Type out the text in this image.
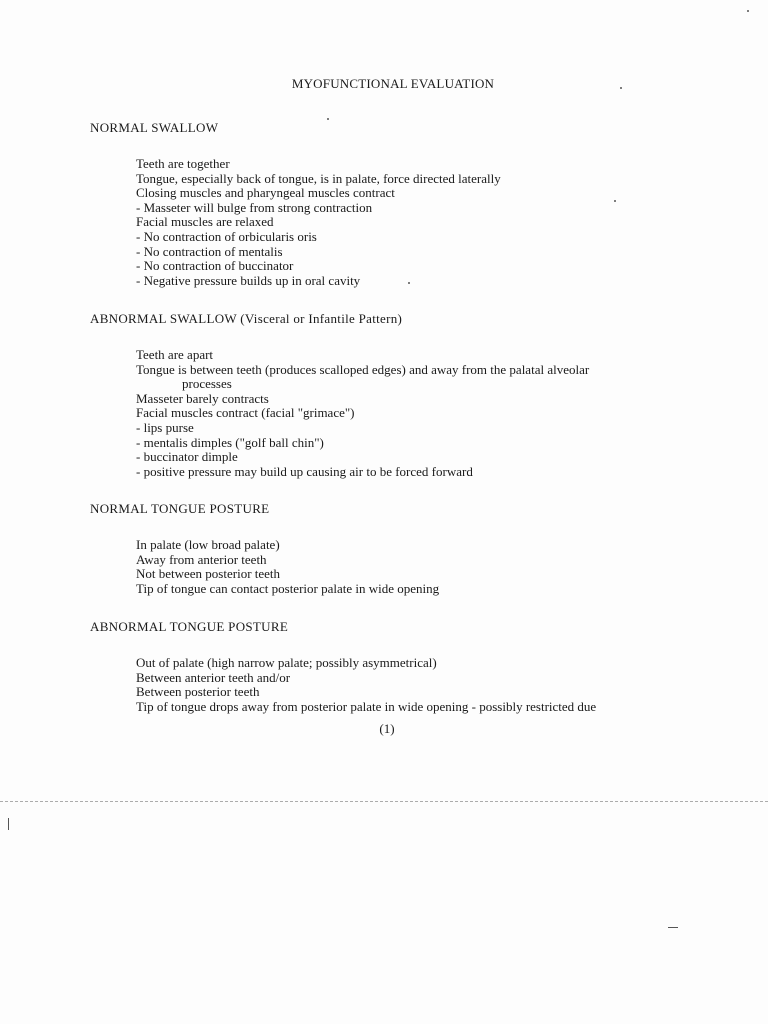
MYOFUNCTIONAL EVALUATION

NORMAL SWALLOW

Teeth are together
Tongue, especially back of tongue, is in palate, force directed laterally
Closing muscles and pharyngeal muscles contract
- Masseter will bulge from strong contraction
Facial muscles are relaxed
- No contraction of orbicularis oris
- No contraction of mentalis
- No contraction of buccinator
- Negative pressure builds up in oral cavity

ABNORMAL SWALLOW (Visceral or Infantile Pattern)

Teeth are apart
Tongue is between teeth (produces scalloped edges) and away from the palatal alveolar
processes
Masseter barely contracts
Facial muscles contract (facial "grimace")
- lips purse
- mentalis dimples ("golf ball chin")
- buccinator dimple
- positive pressure may build up causing air to be forced forward

NORMAL TONGUE POSTURE

In palate (low broad palate)
Away from anterior teeth
Not between posterior teeth
Tip of tongue can contact posterior palate in wide opening

ABNORMAL TONGUE POSTURE

Out of palate (high narrow palate; possibly asymmetrical)
Between anterior teeth and/or
Between posterior teeth
Tip of tongue drops away from posterior palate in wide opening - possibly restricted due
(1)
